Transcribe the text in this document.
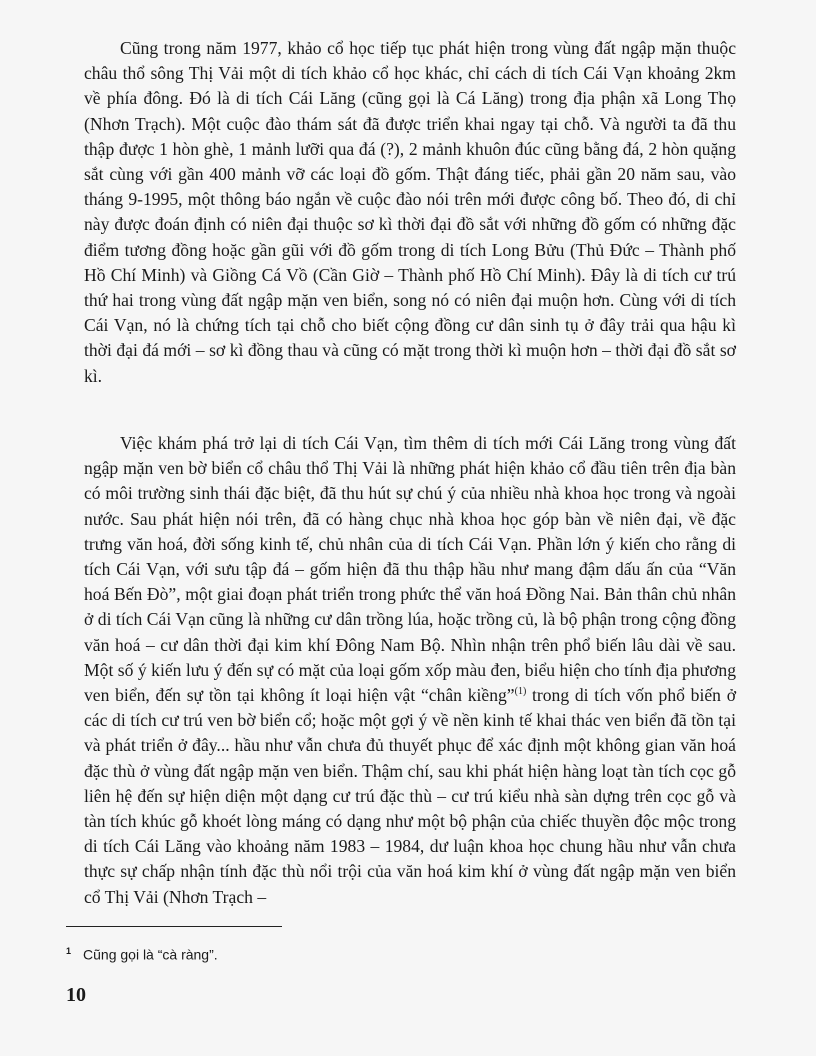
Cũng trong năm 1977, khảo cổ học tiếp tục phát hiện trong vùng đất ngập mặn thuộc châu thổ sông Thị Vải một di tích khảo cổ học khác, chỉ cách di tích Cái Vạn khoảng 2km về phía đông. Đó là di tích Cái Lăng (cũng gọi là Cá Lăng) trong địa phận xã Long Thọ (Nhơn Trạch). Một cuộc đào thám sát đã được triển khai ngay tại chỗ. Và người ta đã thu thập được 1 hòn ghè, 1 mảnh lưỡi qua đá (?), 2 mảnh khuôn đúc cũng bằng đá, 2 hòn quặng sắt cùng với gần 400 mảnh vỡ các loại đồ gốm. Thật đáng tiếc, phải gần 20 năm sau, vào tháng 9-1995, một thông báo ngắn về cuộc đào nói trên mới được công bố. Theo đó, di chỉ này được đoán định có niên đại thuộc sơ kì thời đại đồ sắt với những đồ gốm có những đặc điểm tương đồng hoặc gần gũi với đồ gốm trong di tích Long Bửu (Thủ Đức – Thành phố Hồ Chí Minh) và Giồng Cá Vồ (Cần Giờ – Thành phố Hồ Chí Minh). Đây là di tích cư trú thứ hai trong vùng đất ngập mặn ven biển, song nó có niên đại muộn hơn. Cùng với di tích Cái Vạn, nó là chứng tích tại chỗ cho biết cộng đồng cư dân sinh tụ ở đây trải qua hậu kì thời đại đá mới – sơ kì đồng thau và cũng có mặt trong thời kì muộn hơn – thời đại đồ sắt sơ kì.

Việc khám phá trở lại di tích Cái Vạn, tìm thêm di tích mới Cái Lăng trong vùng đất ngập mặn ven bờ biển cổ châu thổ Thị Vải là những phát hiện khảo cổ đầu tiên trên địa bàn có môi trường sinh thái đặc biệt, đã thu hút sự chú ý của nhiều nhà khoa học trong và ngoài nước. Sau phát hiện nói trên, đã có hàng chục nhà khoa học góp bàn về niên đại, về đặc trưng văn hoá, đời sống kinh tế, chủ nhân của di tích Cái Vạn. Phần lớn ý kiến cho rằng di tích Cái Vạn, với sưu tập đá – gốm hiện đã thu thập hầu như mang đậm dấu ấn của “Văn hoá Bến Đò”, một giai đoạn phát triển trong phức thể văn hoá Đồng Nai. Bản thân chủ nhân ở di tích Cái Vạn cũng là những cư dân trồng lúa, hoặc trồng củ, là bộ phận trong cộng đồng văn hoá – cư dân thời đại kim khí Đông Nam Bộ. Nhìn nhận trên phổ biến lâu dài về sau. Một số ý kiến lưu ý đến sự có mặt của loại gốm xốp màu đen, biểu hiện cho tính địa phương ven biển, đến sự tồn tại không ít loại hiện vật “chân kiềng”$^{(1)}$ trong di tích vốn phổ biến ở các di tích cư trú ven bờ biển cổ; hoặc một gợi ý về nền kinh tế khai thác ven biển đã tồn tại và phát triển ở đây... hầu như vẫn chưa đủ thuyết phục để xác định một không gian văn hoá đặc thù ở vùng đất ngập mặn ven biển. Thậm chí, sau khi phát hiện hàng loạt tàn tích cọc gỗ liên hệ đến sự hiện diện một dạng cư trú đặc thù – cư trú kiểu nhà sàn dựng trên cọc gỗ và tàn tích khúc gỗ khoét lòng máng có dạng như một bộ phận của chiếc thuyền độc mộc trong di tích Cái Lăng vào khoảng năm 1983 – 1984, dư luận khoa học chung hầu như vẫn chưa thực sự chấp nhận tính đặc thù nổi trội của văn hoá kim khí ở vùng đất ngập mặn ven biển cổ Thị Vải (Nhơn Trạch –

$^1$ Cũng gọi là “cà ràng”.
10
